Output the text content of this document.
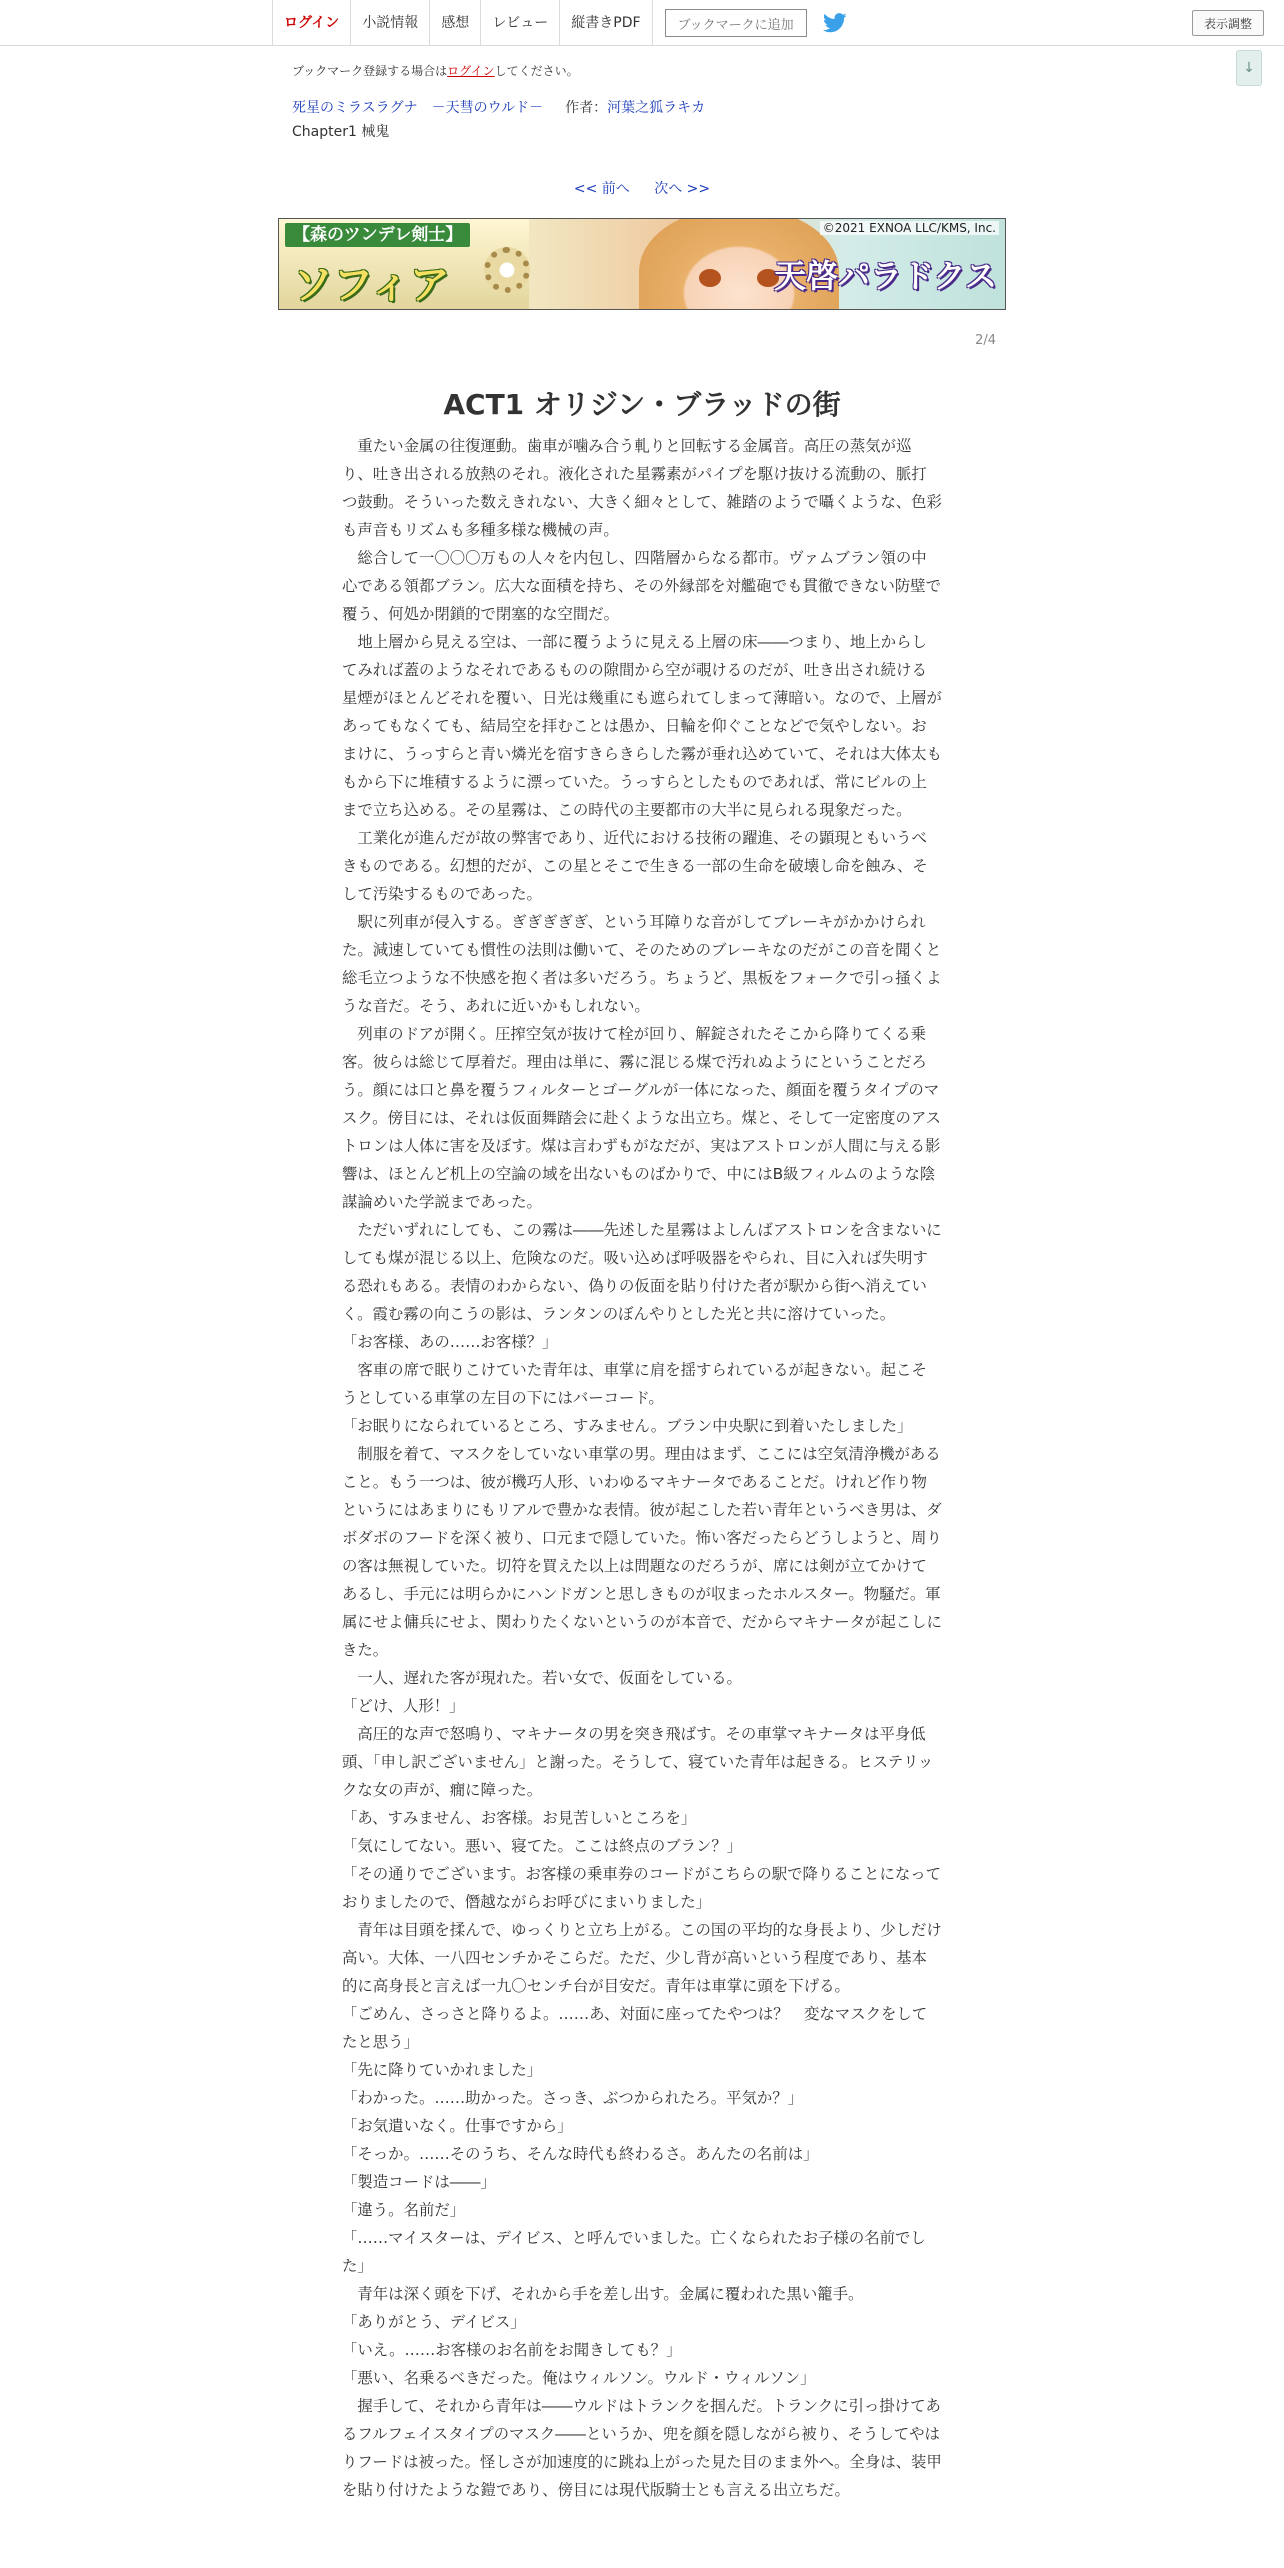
ログイン	小説情報	感想	レビュー	縦書きPDF	ブックマークに追加	表示調整
↓
ブックマーク登録する場合はログインしてください。
死星のミラスラグナ　－天彗のウルド－ 作者：河葉之狐ラキカ
Chapter1 械鬼
<< 前へ 次へ >>
【森のツンデレ剣士】
ソフィア
©2021 EXNOA LLC/KMS, Inc.
天啓パラドクス
2/4
ACT1 オリジン・ブラッドの街

重たい金属の往復運動。歯車が噛み合う軋りと回転する金属音。高圧の蒸気が巡り、吐き出される放熱のそれ。液化された星霧素がパイプを駆け抜ける流動の、脈打つ鼓動。そういった数えきれない、大きく細々として、雑踏のようで囁くような、色彩も声音もリズムも多種多様な機械の声。

総合して一〇〇〇万もの人々を内包し、四階層からなる都市。ヴァムブラン領の中心である領都ブラン。広大な面積を持ち、その外縁部を対艦砲でも貫徹できない防壁で覆う、何処か閉鎖的で閉塞的な空間だ。

地上層から見える空は、一部に覆うように見える上層の床――つまり、地上からしてみれば蓋のようなそれであるものの隙間から空が覗けるのだが、吐き出され続ける星煙がほとんどそれを覆い、日光は幾重にも遮られてしまって薄暗い。なので、上層があってもなくても、結局空を拝むことは愚か、日輪を仰ぐことなどで気やしない。おまけに、うっすらと青い燐光を宿すきらきらした霧が垂れ込めていて、それは大体太ももから下に堆積するように漂っていた。うっすらとしたものであれば、常にビルの上まで立ち込める。その星霧は、この時代の主要都市の大半に見られる現象だった。

工業化が進んだが故の弊害であり、近代における技術の躍進、その顕現ともいうべきものである。幻想的だが、この星とそこで生きる一部の生命を破壊し命を蝕み、そして汚染するものであった。

駅に列車が侵入する。ぎぎぎぎぎ、という耳障りな音がしてブレーキがかかけられた。減速していても慣性の法則は働いて、そのためのブレーキなのだがこの音を聞くと総毛立つような不快感を抱く者は多いだろう。ちょうど、黒板をフォークで引っ掻くような音だ。そう、あれに近いかもしれない。

列車のドアが開く。圧搾空気が抜けて栓が回り、解錠されたそこから降りてくる乗客。彼らは総じて厚着だ。理由は単に、霧に混じる煤で汚れぬようにということだろう。顔には口と鼻を覆うフィルターとゴーグルが一体になった、顔面を覆うタイプのマスク。傍目には、それは仮面舞踏会に赴くような出立ち。煤と、そして一定密度のアストロンは人体に害を及ぼす。煤は言わずもがなだが、実はアストロンが人間に与える影響は、ほとんど机上の空論の域を出ないものばかりで、中にはB級フィルムのような陰謀論めいた学説まであった。

ただいずれにしても、この霧は――先述した星霧はよしんばアストロンを含まないにしても煤が混じる以上、危険なのだ。吸い込めば呼吸器をやられ、目に入れば失明する恐れもある。表情のわからない、偽りの仮面を貼り付けた者が駅から街へ消えていく。霞む霧の向こうの影は、ランタンのぼんやりとした光と共に溶けていった。

「お客様、あの……お客様？」

客車の席で眠りこけていた青年は、車掌に肩を揺すられているが起きない。起こそうとしている車掌の左目の下にはバーコード。

「お眠りになられているところ、すみません。ブラン中央駅に到着いたしました」

制服を着て、マスクをしていない車掌の男。理由はまず、ここには空気清浄機があること。もう一つは、彼が機巧人形、いわゆるマキナータであることだ。けれど作り物というにはあまりにもリアルで豊かな表情。彼が起こした若い青年というべき男は、ダボダボのフードを深く被り、口元まで隠していた。怖い客だったらどうしようと、周りの客は無視していた。切符を買えた以上は問題なのだろうが、席には剣が立てかけてあるし、手元には明らかにハンドガンと思しきものが収まったホルスター。物騒だ。軍属にせよ傭兵にせよ、関わりたくないというのが本音で、だからマキナータが起こしにきた。

一人、遅れた客が現れた。若い女で、仮面をしている。

「どけ、人形！」

高圧的な声で怒鳴り、マキナータの男を突き飛ばす。その車掌マキナータは平身低頭、「申し訳ございません」と謝った。そうして、寝ていた青年は起きる。ヒステリックな女の声が、癇に障った。

「あ、すみません、お客様。お見苦しいところを」

「気にしてない。悪い、寝てた。ここは終点のブラン？」

「その通りでございます。お客様の乗車券のコードがこちらの駅で降りることになっておりましたので、僭越ながらお呼びにまいりました」

青年は目頭を揉んで、ゆっくりと立ち上がる。この国の平均的な身長より、少しだけ高い。大体、一八四センチかそこらだ。ただ、少し背が高いという程度であり、基本的に高身長と言えば一九〇センチ台が目安だ。青年は車掌に頭を下げる。

「ごめん、さっさと降りるよ。……あ、対面に座ってたやつは？　変なマスクをしてたと思う」

「先に降りていかれました」

「わかった。……助かった。さっき、ぶつかられたろ。平気か？」

「お気遣いなく。仕事ですから」

「そっか。……そのうち、そんな時代も終わるさ。あんたの名前は」

「製造コードは――」

「違う。名前だ」

「……マイスターは、デイビス、と呼んでいました。亡くなられたお子様の名前でした」

青年は深く頭を下げ、それから手を差し出す。金属に覆われた黒い籠手。

「ありがとう、デイビス」

「いえ。……お客様のお名前をお聞きしても？」

「悪い、名乗るべきだった。俺はウィルソン。ウルド・ウィルソン」

握手して、それから青年は――ウルドはトランクを掴んだ。トランクに引っ掛けてあるフルフェイスタイプのマスク――というか、兜を顔を隠しながら被り、そうしてやはりフードは被った。怪しさが加速度的に跳ね上がった見た目のまま外へ。全身は、装甲を貼り付けたような鎧であり、傍目には現代版騎士とも言える出立ちだ。
